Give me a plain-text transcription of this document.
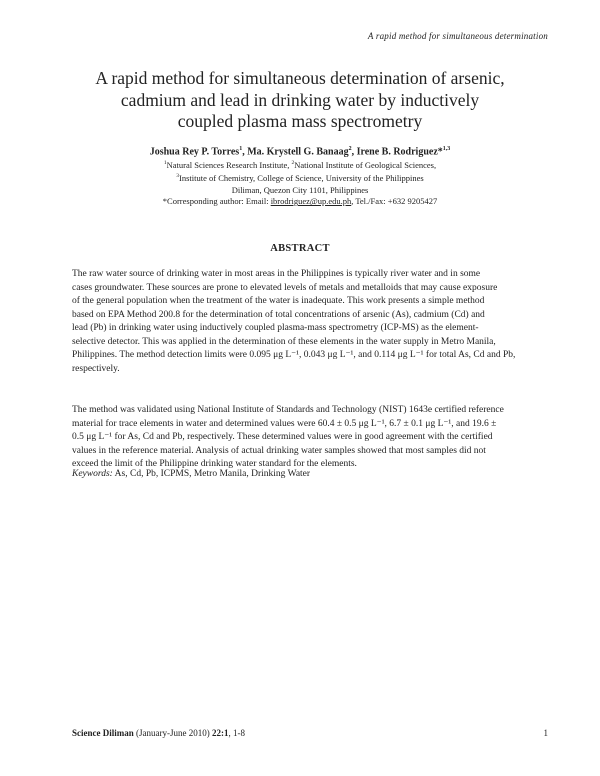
A rapid method for simultaneous determination
A rapid method for simultaneous determination of arsenic,
cadmium and lead in drinking water by inductively
coupled plasma mass spectrometry
Joshua Rey P. Torres$^1$, Ma. Krystell G. Banaag$^2$, Irene B. Rodriguez*$^{1,3}$
$^1$Natural Sciences Research Institute, $^2$National Institute of Geological Sciences,
$^3$Institute of Chemistry, College of Science, University of the Philippines
Diliman, Quezon City 1101, Philippines
*Corresponding author: Email: ibrodriguez@up.edu.ph, Tel./Fax: +632 9205427
ABSTRACT
The raw water source of drinking water in most areas in the Philippines is typically river water and in some
cases groundwater. These sources are prone to elevated levels of metals and metalloids that may cause exposure
of the general population when the treatment of the water is inadequate. This work presents a simple method
based on EPA Method 200.8 for the determination of total concentrations of arsenic (As), cadmium (Cd) and
lead (Pb) in drinking water using inductively coupled plasma-mass spectrometry (ICP-MS) as the element-
selective detector. This was applied in the determination of these elements in the water supply in Metro Manila,
Philippines. The method detection limits were 0.095 μg L⁻¹, 0.043 μg L⁻¹, and 0.114 μg L⁻¹ for total As, Cd and Pb,
respectively.
The method was validated using National Institute of Standards and Technology (NIST) 1643e certified reference
material for trace elements in water and determined values were 60.4 ± 0.5 μg L⁻¹, 6.7 ± 0.1 μg L⁻¹, and 19.6 ±
0.5 μg L⁻¹ for As, Cd and Pb, respectively. These determined values were in good agreement with the certified
values in the reference material. Analysis of actual drinking water samples showed that most samples did not
exceed the limit of the Philippine drinking water standard for the elements.
Keywords: As, Cd, Pb, ICPMS, Metro Manila, Drinking Water
Science Diliman (January-June 2010) 22:1, 1-8	1
